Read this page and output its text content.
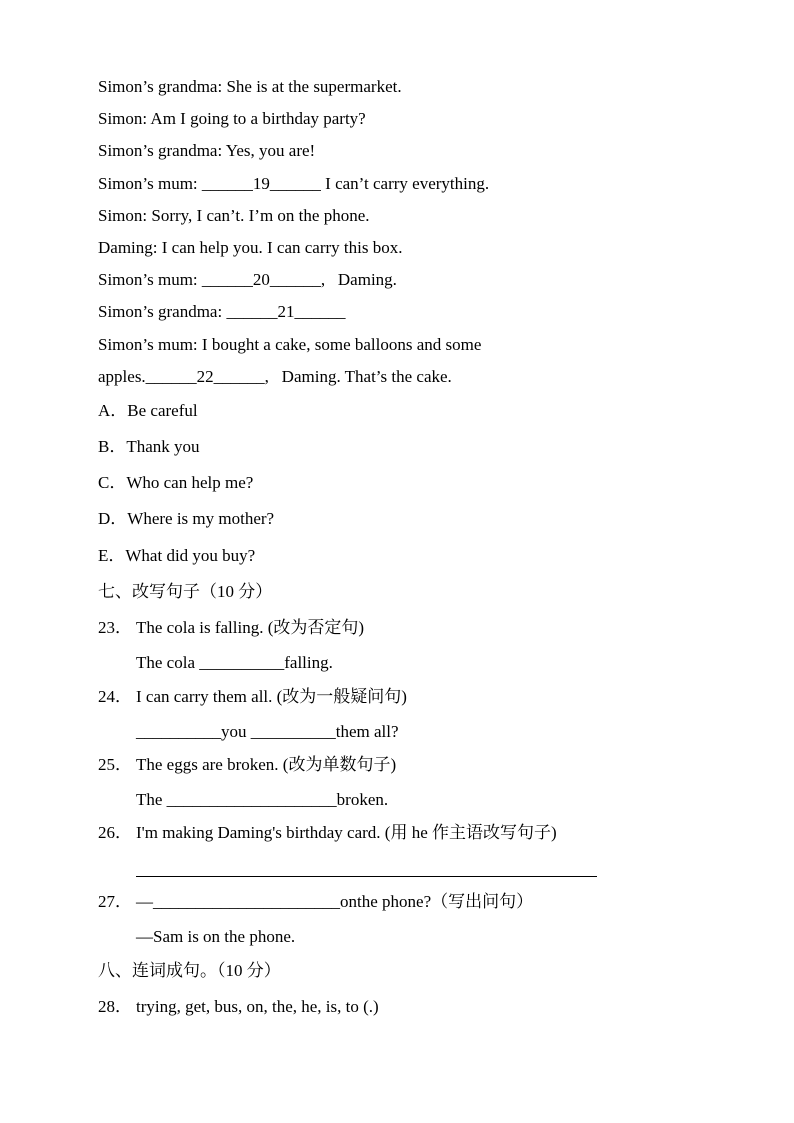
Simon’s grandma: She is at the supermarket.
Simon: Am I going to a birthday party?
Simon’s grandma: Yes, you are!
Simon’s mum: ______19______ I can’t carry everything.
Simon: Sorry, I can’t. I’m on the phone.
Daming: I can help you. I can carry this box.
Simon’s mum: ______20______,   Daming.
Simon’s grandma: ______21______
Simon’s mum: I bought a cake, some balloons and some
apples.______22______,   Daming. That’s the cake.
A．Be careful
B．Thank you
C．Who can help me?
D．Where is my mother?
E．What did you buy?
七、改写句子（10 分）
23． The cola is falling. (改为否定句)
The cola __________falling.
24． I can carry them all. (改为一般疑问句)
__________you __________them all?
25． The eggs are broken. (改为单数句子)
The ____________________broken.
26． I'm making Daming's birthday card. (用 he 作主语改写句子)
27． —______________________onthe phone?（写出问句）
—Sam is on the phone.
八、连词成句。（10 分）
28． trying, get, bus, on, the, he, is, to (.)
